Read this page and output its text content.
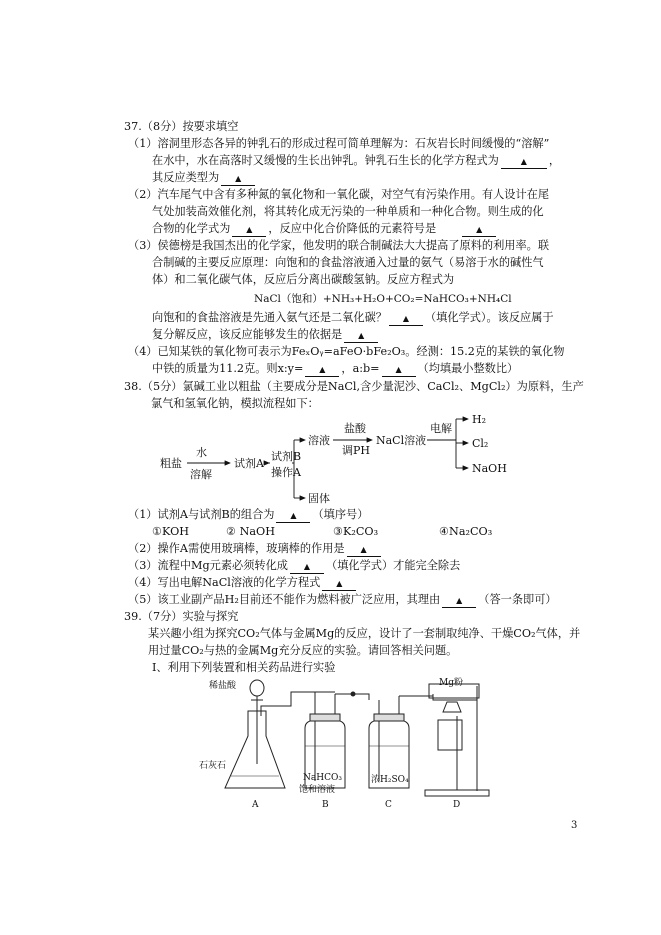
37.（8分）按要求填空
（1）溶洞里形态各异的钟乳石的形成过程可简单理解为：石灰岩长时间缓慢的“溶解”
在水中，水在高落时又缓慢的生长出钟乳。钟乳石生长的化学方程式为	▲ ，
其反应类型为 ▲
（2）汽车尾气中含有多种氮的氧化物和一氧化碳，对空气有污染作用。有人设计在尾
气处加装高效催化剂，将其转化成无污染的一种单质和一种化合物。则生成的化
合物的化学式为 ▲ ，反应中化合价降低的元素符号是	▲
（3）侯德榜是我国杰出的化学家，他发明的联合制碱法大大提高了原料的利用率。联
合制碱的主要反应原理：向饱和的食盐溶液通入过量的氨气（易溶于水的碱性气
体）和二氧化碳气体，反应后分离出碳酸氢钠。反应方程式为
NaCl（饱和）+NH₃+H₂O+CO₂=NaHCO₃+NH₄Cl
向饱和的食盐溶液是先通入氨气还是二氧化碳？ ▲ （填化学式）。该反应属于
复分解反应，该反应能够发生的依据是 ▲
（4）已知某铁的氧化物可表示为FeₓOᵧ=aFeO·bFe₂O₃。经测：15.2克的某铁的氧化物
中铁的质量为11.2克。则x:y= ▲ ，a:b= ▲ （均填最小整数比）
38.（5分）氯碱工业以粗盐（主要成分是NaCl,含少量泥沙、CaCl₂、MgCl₂）为原料，生产
氯气和氢氧化钠，模拟流程如下：
粗盐
水
溶解
试剂A
试剂B
操作A
溶液
盐酸
调PH
NaCl溶液
电解
H₂
Cl₂
NaOH
固体
（1）试剂A与试剂B的组合为 ▲ （填序号）
①KOH	② NaOH	③K₂CO₃	④Na₂CO₃
（2）操作A需使用玻璃棒，玻璃棒的作用是 ▲
（3）流程中Mg元素必须转化成 ▲ （填化学式）才能完全除去
（4）写出电解NaCl溶液的化学方程式 ▲
（5）该工业副产品H₂目前还不能作为燃料被广泛应用，其理由 ▲ （答一条即可）
39.（7分）实验与探究
某兴趣小组为探究CO₂气体与金属Mg的反应，设计了一套制取纯净、干燥CO₂气体，并
用过量CO₂与热的金属Mg充分反应的实验。请回答相关问题。
Ⅰ、利用下列装置和相关药品进行实验
稀盐酸	Mg粉
石灰石
NaHCO₃
饱和溶液
浓H₂SO₄
A	B	C	D
3
